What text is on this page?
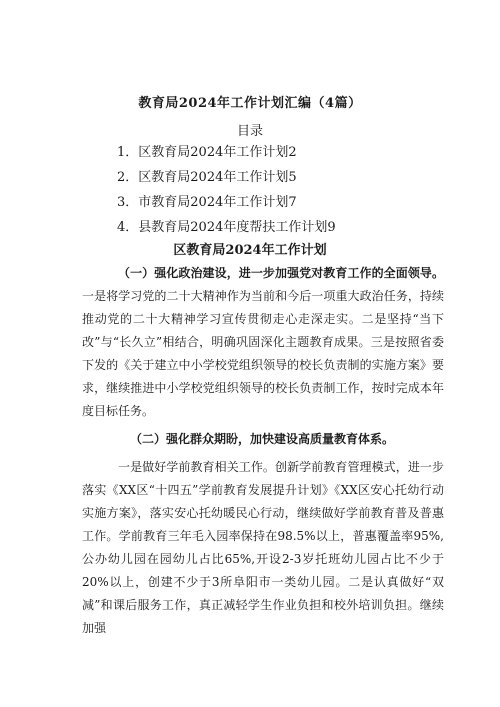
教育局2024年工作计划汇编（4篇）
目录
1．区教育局2024年工作计划2
2．区教育局2024年工作计划5
3．市教育局2024年工作计划7
4．县教育局2024年度帮扶工作计划9
区教育局2024年工作计划

（一）强化政治建设，进一步加强党对教育工作的全面领导。一是将学习党的二十大精神作为当前和今后一项重大政治任务，持续推动党的二十大精神学习宣传贯彻走心走深走实。二是坚持“当下改”与“长久立”相结合，明确巩固深化主题教育成果。三是按照省委下发的《关于建立中小学校党组织领导的校长负责制的实施方案》要求，继续推进中小学校党组织领导的校长负责制工作，按时完成本年度目标任务。

（二）强化群众期盼，加快建设高质量教育体系。

一是做好学前教育相关工作。创新学前教育管理模式，进一步落实《XX区“十四五”学前教育发展提升计划》《XX区安心托幼行动实施方案》，落实安心托幼暖民心行动，继续做好学前教育普及普惠工作。学前教育三年毛入园率保持在98.5%以上，普惠覆盖率95%,公办幼儿园在园幼儿占比65%,开设2-3岁托班幼儿园占比不少于20%以上，创建不少于3所阜阳市一类幼儿园。二是认真做好“双减”和课后服务工作，真正减轻学生作业负担和校外培训负担。继续加强
